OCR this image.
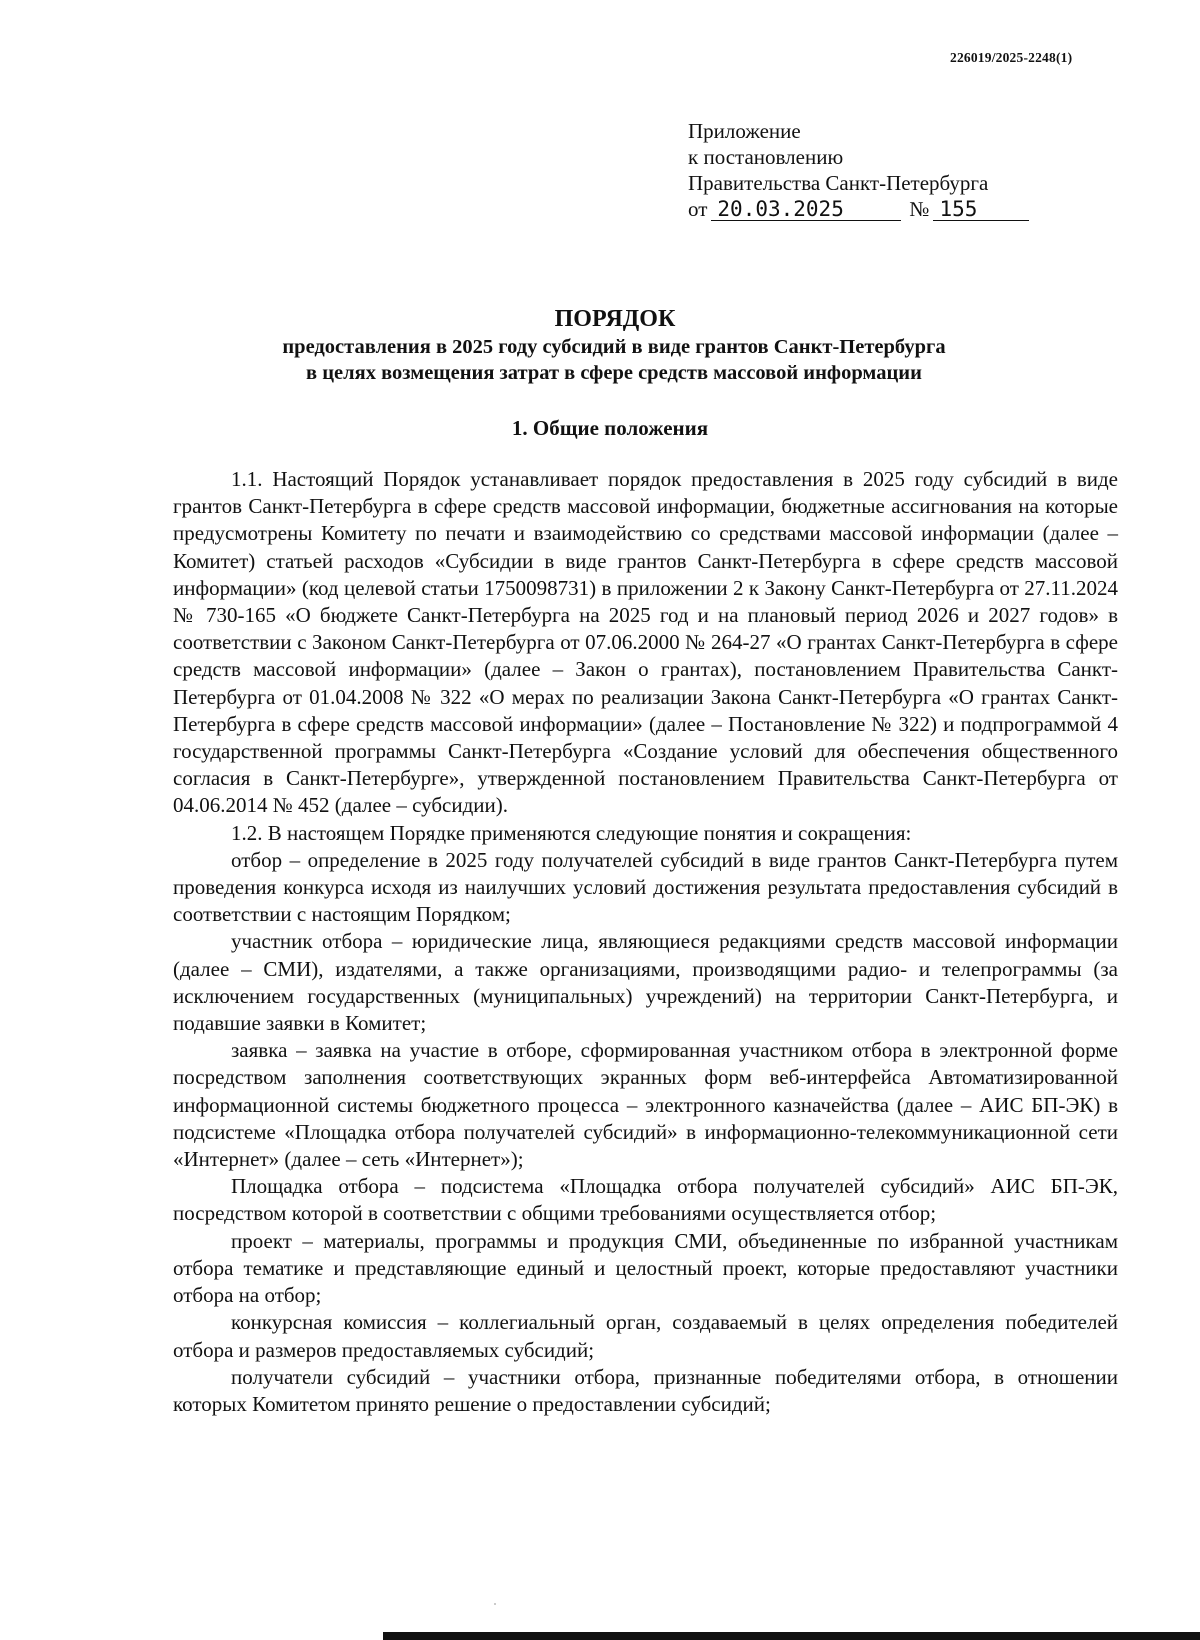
226019/2025-2248(1)
Приложение
к постановлению
Правительства Санкт-Петербурга
от 20.03.2025	№ 155
ПОРЯДОК
предоставления в 2025 году субсидий в виде грантов Санкт-Петербурга
в целях возмещения затрат в сфере средств массовой информации
1. Общие положения

1.1. Настоящий Порядок устанавливает порядок предоставления в 2025 году субсидий в виде грантов Санкт-Петербурга в сфере средств массовой информации, бюджетные ассигнования на которые предусмотрены Комитету по печати и взаимодействию со средствами массовой информации (далее – Комитет) статьей расходов «Субсидии в виде грантов Санкт-Петербурга в сфере средств массовой информации» (код целевой статьи 1750098731) в приложении 2 к Закону Санкт-Петербурга от 27.11.2024 № 730-165 «О бюджете Санкт-Петербурга на 2025 год и на плановый период 2026 и 2027 годов» в соответствии с Законом Санкт-Петербурга от 07.06.2000 № 264-27 «О грантах Санкт-Петербурга в сфере средств массовой информации» (далее – Закон о грантах), постановлением Правительства Санкт-Петербурга от 01.04.2008 № 322 «О мерах по реализации Закона Санкт-Петербурга «О грантах Санкт-Петербурга в сфере средств массовой информации» (далее – Постановление № 322) и подпрограммой 4 государственной программы Санкт-Петербурга «Создание условий для обеспечения общественного согласия в Санкт-Петербурге», утвержденной постановлением Правительства Санкт-Петербурга от 04.06.2014 № 452 (далее – субсидии).

1.2. В настоящем Порядке применяются следующие понятия и сокращения:

отбор – определение в 2025 году получателей субсидий в виде грантов Санкт-Петербурга путем проведения конкурса исходя из наилучших условий достижения результата предоставления субсидий в соответствии с настоящим Порядком;

участник отбора – юридические лица, являющиеся редакциями средств массовой информации (далее – СМИ), издателями, а также организациями, производящими радио- и телепрограммы (за исключением государственных (муниципальных) учреждений) на территории Санкт-Петербурга, и подавшие заявки в Комитет;

заявка – заявка на участие в отборе, сформированная участником отбора в электронной форме посредством заполнения соответствующих экранных форм веб-интерфейса Автоматизированной информационной системы бюджетного процесса – электронного казначейства (далее – АИС БП-ЭК) в подсистеме «Площадка отбора получателей субсидий» в информационно-телекоммуникационной сети «Интернет» (далее – сеть «Интернет»);

Площадка отбора – подсистема «Площадка отбора получателей субсидий» АИС БП-ЭК, посредством которой в соответствии с общими требованиями осуществляется отбор;

проект – материалы, программы и продукция СМИ, объединенные по избранной участникам отбора тематике и представляющие единый и целостный проект, которые предоставляют участники отбора на отбор;

конкурсная комиссия – коллегиальный орган, создаваемый в целях определения победителей отбора и размеров предоставляемых субсидий;

получатели субсидий – участники отбора, признанные победителями отбора, в отношении которых Комитетом принято решение о предоставлении субсидий;
